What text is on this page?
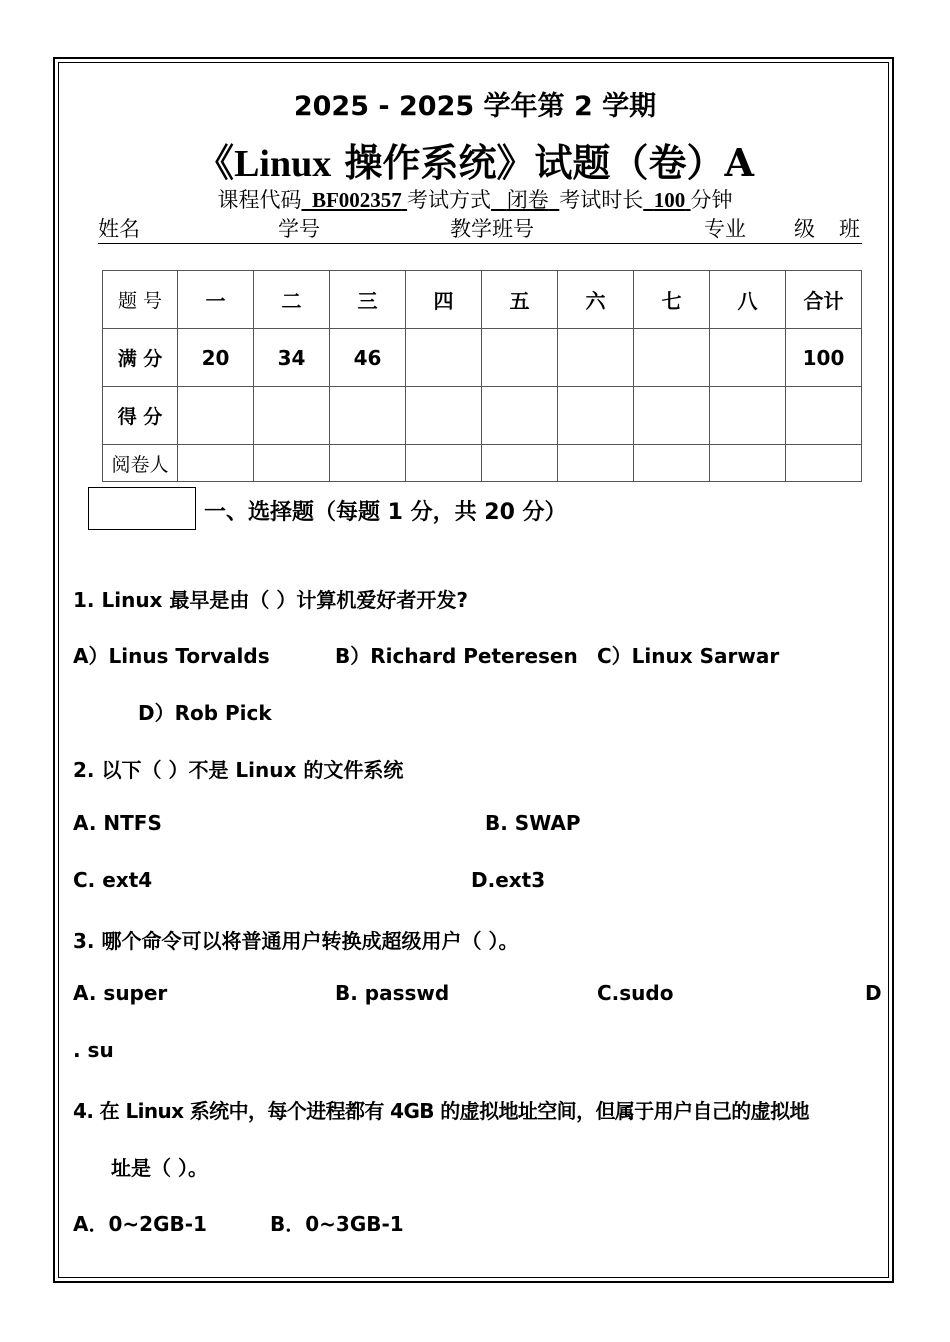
2025 - 2025 学年第 2 学期
《Linux 操作系统》试题（卷）A
课程代码 BF002357 考试方式 闭卷 考试时长 100 分钟
姓名	学号	教学班号	专业 级 班
题 号	一	二	三	四	五	六	七	八	合计
满 分	20	34	46						100
得 分									
阅卷人									
一、选择题（每题 1 分，共 20 分）
1. Linux 最早是由（ ）计算机爱好者开发?
A）Linus Torvalds	B）Richard Peteresen C）Linux Sarwar
D）Rob Pick
2. 以下（ ）不是 Linux 的文件系统
A. NTFS	B. SWAP
C. ext4	D.ext3
3. 哪个命令可以将普通用户转换成超级用户（ ）。
A. super	B. passwd	C.sudo	D
. su
4. 在 Linux 系统中，每个进程都有 4GB 的虚拟地址空间，但属于用户自己的虚拟地
址是（ ）。
A．0~2GB-1	B．0~3GB-1
